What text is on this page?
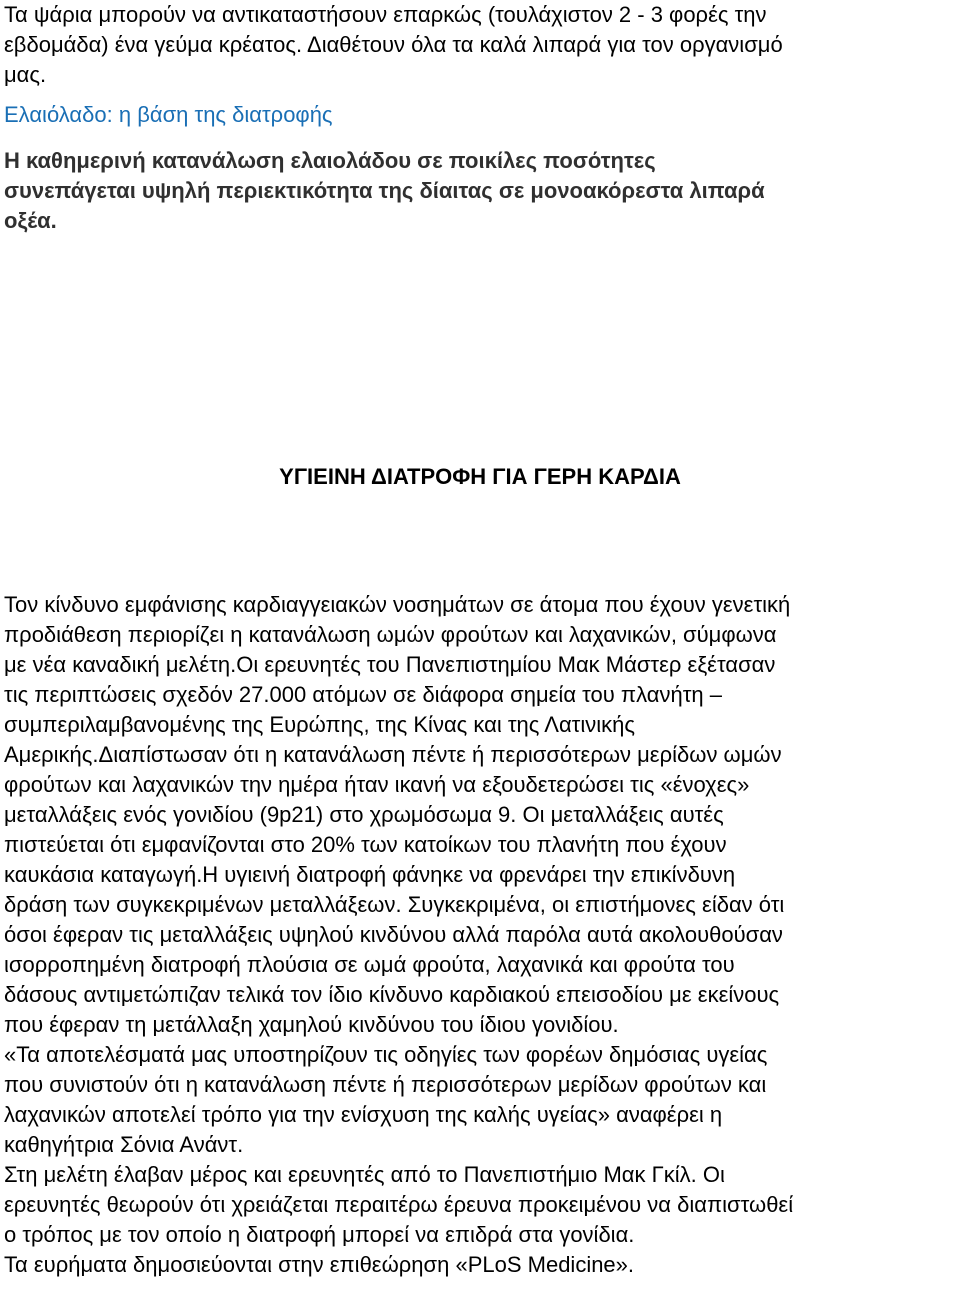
Τα ψάρια μπορούν να αντικαταστήσουν επαρκώς (τουλάχιστον 2 - 3 φορές την
εβδομάδα) ένα γεύμα κρέατος. Διαθέτουν όλα τα καλά λιπαρά για τον οργανισμό
μας.
Ελαιόλαδο: η βάση της διατροφής
Η καθημερινή κατανάλωση ελαιολάδου σε ποικίλες ποσότητες
συνεπάγεται υψηλή περιεκτικότητα της δίαιτας σε μονοακόρεστα λιπαρά
οξέα.
ΥΓΙΕΙΝΗ ΔΙΑΤΡΟΦΗ ΓΙΑ ΓΕΡΗ ΚΑΡΔΙΑ
Τον κίνδυνο εμφάνισης καρδιαγγειακών νοσημάτων σε άτομα που έχουν γενετική
προδιάθεση περιορίζει η κατανάλωση ωμών φρούτων και λαχανικών, σύμφωνα
με νέα καναδική μελέτη.Οι ερευνητές του Πανεπιστημίου Μακ Μάστερ εξέτασαν
τις περιπτώσεις σχεδόν 27.000 ατόμων σε διάφορα σημεία του πλανήτη –
συμπεριλαμβανομένης της Ευρώπης, της Κίνας και της Λατινικής
Αμερικής.Διαπίστωσαν ότι η κατανάλωση πέντε ή περισσότερων μερίδων ωμών
φρούτων και λαχανικών την ημέρα ήταν ικανή να εξουδετερώσει τις «ένοχες»
μεταλλάξεις ενός γονιδίου (9p21) στο χρωμόσωμα 9. Οι μεταλλάξεις αυτές
πιστεύεται ότι εμφανίζονται στο 20% των κατοίκων του πλανήτη που έχουν
καυκάσια καταγωγή.Η υγιεινή διατροφή φάνηκε να φρενάρει την επικίνδυνη
δράση των συγκεκριμένων μεταλλάξεων. Συγκεκριμένα, οι επιστήμονες είδαν ότι
όσοι έφεραν τις μεταλλάξεις υψηλού κινδύνου αλλά παρόλα αυτά ακολουθούσαν
ισορροπημένη διατροφή πλούσια σε ωμά φρούτα, λαχανικά και φρούτα του
δάσους αντιμετώπιζαν τελικά τον ίδιο κίνδυνο καρδιακού επεισοδίου με εκείνους
που έφεραν τη μετάλλαξη χαμηλού κινδύνου του ίδιου γονιδίου.
«Τα αποτελέσματά μας υποστηρίζουν τις οδηγίες των φορέων δημόσιας υγείας
που συνιστούν ότι η κατανάλωση πέντε ή περισσότερων μερίδων φρούτων και
λαχανικών αποτελεί τρόπο για την ενίσχυση της καλής υγείας» αναφέρει η
καθηγήτρια Σόνια Ανάντ.
Στη μελέτη έλαβαν μέρος και ερευνητές από το Πανεπιστήμιο Μακ Γκίλ. Οι
ερευνητές θεωρούν ότι χρειάζεται περαιτέρω έρευνα προκειμένου να διαπιστωθεί
ο τρόπος με τον οποίο η διατροφή μπορεί να επιδρά στα γονίδια.
Τα ευρήματα δημοσιεύονται στην επιθεώρηση «PLoS Medicine».
